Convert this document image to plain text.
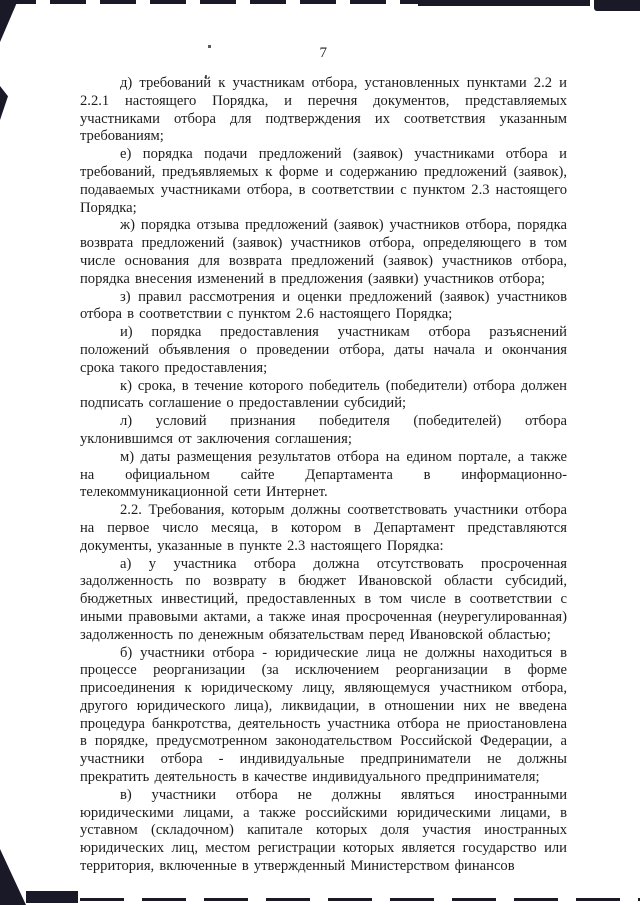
7

д) требований к участникам отбора, установленных пунктами 2.2 и 2.2.1 настоящего Порядка, и перечня документов, представляемых участниками отбора для подтверждения их соответствия указанным требованиям;

е) порядка подачи предложений (заявок) участниками отбора и требований, предъявляемых к форме и содержанию предложений (заявок), подаваемых участниками отбора, в соответствии с пунктом 2.3 настоящего Порядка;

ж) порядка отзыва предложений (заявок) участников отбора, порядка возврата предложений (заявок) участников отбора, определяющего в том числе основания для возврата предложений (заявок) участников отбора, порядка внесения изменений в предложения (заявки) участников отбора;

з) правил рассмотрения и оценки предложений (заявок) участников отбора в соответствии с пунктом 2.6 настоящего Порядка;

и) порядка предоставления участникам отбора разъяснений положений объявления о проведении отбора, даты начала и окончания срока такого предоставления;

к) срока, в течение которого победитель (победители) отбора должен подписать соглашение о предоставлении субсидий;

л) условий признания победителя (победителей) отбора уклонившимся от заключения соглашения;

м) даты размещения результатов отбора на едином портале, а также на официальном сайте Департамента в информационно-телекоммуникационной сети Интернет.

2.2. Требования, которым должны соответствовать участники отбора на первое число месяца, в котором в Департамент представляются документы, указанные в пункте 2.3 настоящего Порядка:

а) у участника отбора должна отсутствовать просроченная задолженность по возврату в бюджет Ивановской области субсидий, бюджетных инвестиций, предоставленных в том числе в соответствии с иными правовыми актами, а также иная просроченная (неурегулированная) задолженность по денежным обязательствам перед Ивановской областью;

б) участники отбора - юридические лица не должны находиться в процессе реорганизации (за исключением реорганизации в форме присоединения к юридическому лицу, являющемуся участником отбора, другого юридического лица), ликвидации, в отношении них не введена процедура банкротства, деятельность участника отбора не приостановлена в порядке, предусмотренном законодательством Российской Федерации, а участники отбора - индивидуальные предприниматели не должны прекратить деятельность в качестве индивидуального предпринимателя;

в) участники отбора не должны являться иностранными юридическими лицами, а также российскими юридическими лицами, в уставном (складочном) капитале которых доля участия иностранных юридических лиц, местом регистрации которых является государство или территория, включенные в утвержденный Министерством финансов
